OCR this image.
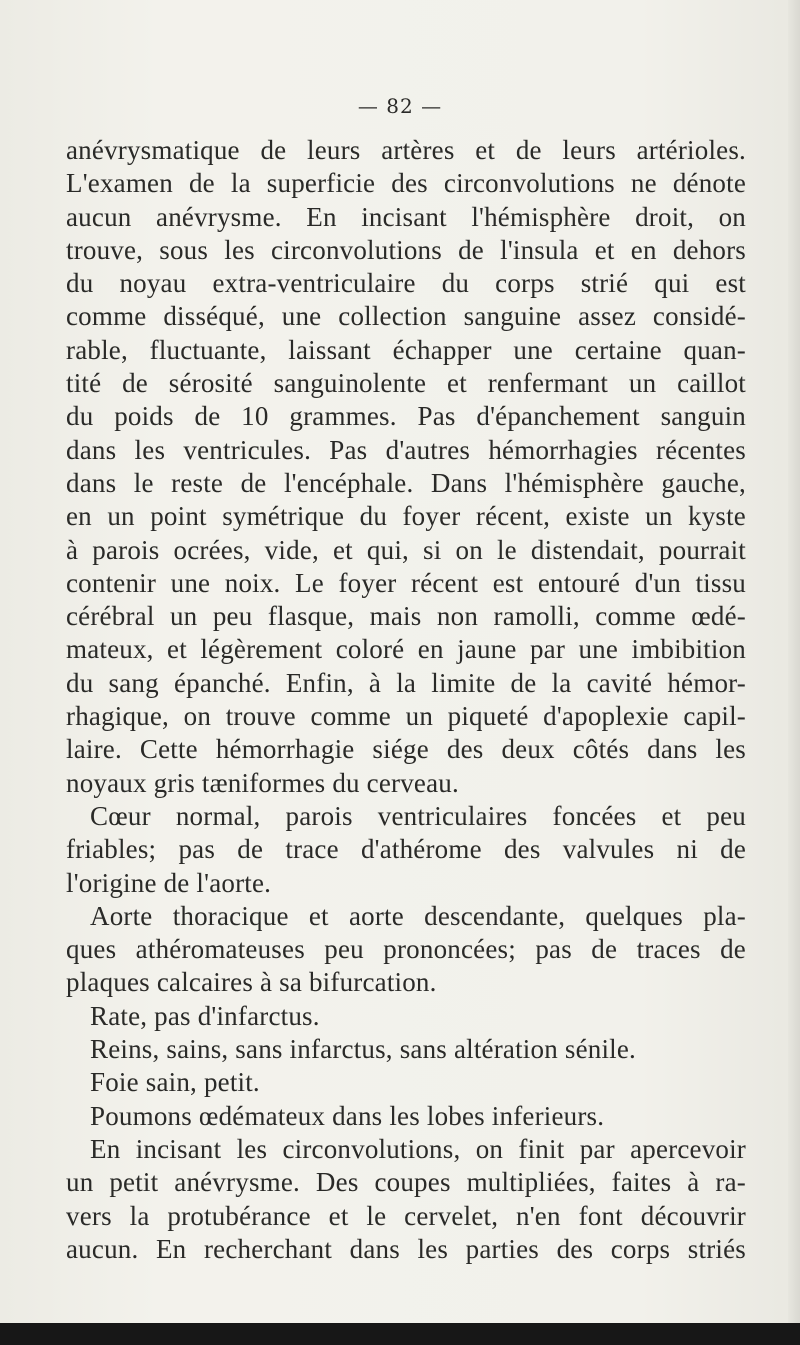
— 82 —

anévrysmatique de leurs artères et de leurs artérioles.

L'examen de la superficie des circonvolutions ne dénote

aucun anévrysme. En incisant l'hémisphère droit, on

trouve, sous les circonvolutions de l'insula et en dehors

du noyau extra-ventriculaire du corps strié qui est

comme disséqué, une collection sanguine assez considé-

rable, fluctuante, laissant échapper une certaine quan-

tité de sérosité sanguinolente et renfermant un caillot

du poids de 10 grammes. Pas d'épanchement sanguin

dans les ventricules. Pas d'autres hémorrhagies récentes

dans le reste de l'encéphale. Dans l'hémisphère gauche,

en un point symétrique du foyer récent, existe un kyste

à parois ocrées, vide, et qui, si on le distendait, pourrait

contenir une noix. Le foyer récent est entouré d'un tissu

cérébral un peu flasque, mais non ramolli, comme œdé-

mateux, et légèrement coloré en jaune par une imbibition

du sang épanché. Enfin, à la limite de la cavité hémor-

rhagique, on trouve comme un piqueté d'apoplexie capil-

laire. Cette hémorrhagie siége des deux côtés dans les

noyaux gris tæniformes du cerveau.

Cœur normal, parois ventriculaires foncées et peu

friables; pas de trace d'athérome des valvules ni de

l'origine de l'aorte.

Aorte thoracique et aorte descendante, quelques pla-

ques athéromateuses peu prononcées; pas de traces de

plaques calcaires à sa bifurcation.

Rate, pas d'infarctus.

Reins, sains, sans infarctus, sans altération sénile.

Foie sain, petit.

Poumons œdémateux dans les lobes inferieurs.

En incisant les circonvolutions, on finit par apercevoir

un petit anévrysme. Des coupes multipliées, faites à ra-

vers la protubérance et le cervelet, n'en font découvrir

aucun. En recherchant dans les parties des corps striés
